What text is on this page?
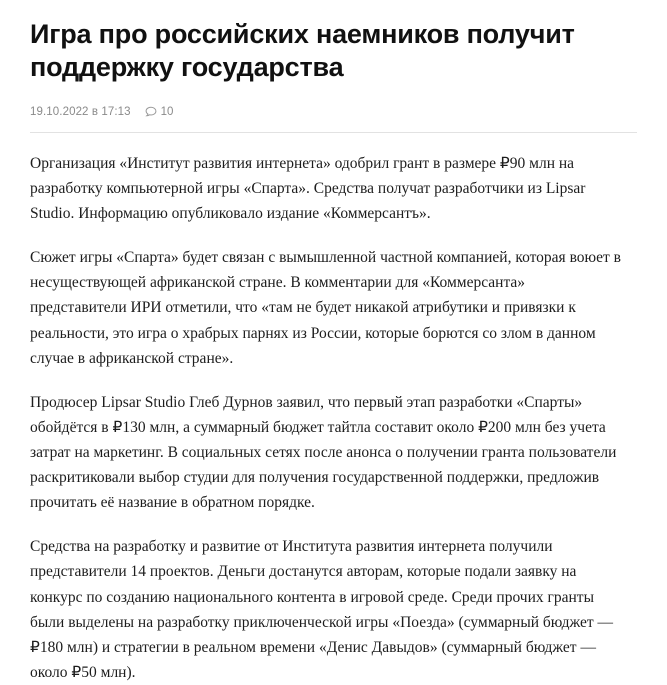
Игра про российских наемников получит поддержку государства
19.10.2022 в 17:13	10

Организация «Институт развития интернета» одобрил грант в размере ₽90 млн на разработку компьютерной игры «Спарта». Средства получат разработчики из Lipsar Studio. Информацию опубликовало издание «Коммерсантъ».

Сюжет игры «Спарта» будет связан с вымышленной частной компанией, которая воюет в несуществующей африканской стране. В комментарии для «Коммерсанта» представители ИРИ отметили, что «там не будет никакой атрибутики и привязки к реальности, это игра о храбрых парнях из России, которые борются со злом в данном случае в африканской стране».

Продюсер Lipsar Studio Глеб Дурнов заявил, что первый этап разработки «Спарты» обойдётся в ₽130 млн, а суммарный бюджет тайтла составит около ₽200 млн без учета затрат на маркетинг. В социальных сетях после анонса о получении гранта пользователи раскритиковали выбор студии для получения государственной поддержки, предложив прочитать её название в обратном порядке.

Средства на разработку и развитие от Института развития интернета получили представители 14 проектов. Деньги достанутся авторам, которые подали заявку на конкурс по созданию национального контента в игровой среде. Среди прочих гранты были выделены на разработку приключенческой игры «Поезда» (суммарный бюджет — ₽180 млн) и стратегии в реальном времени «Денис Давыдов» (суммарный бюджет — около ₽50 млн).
